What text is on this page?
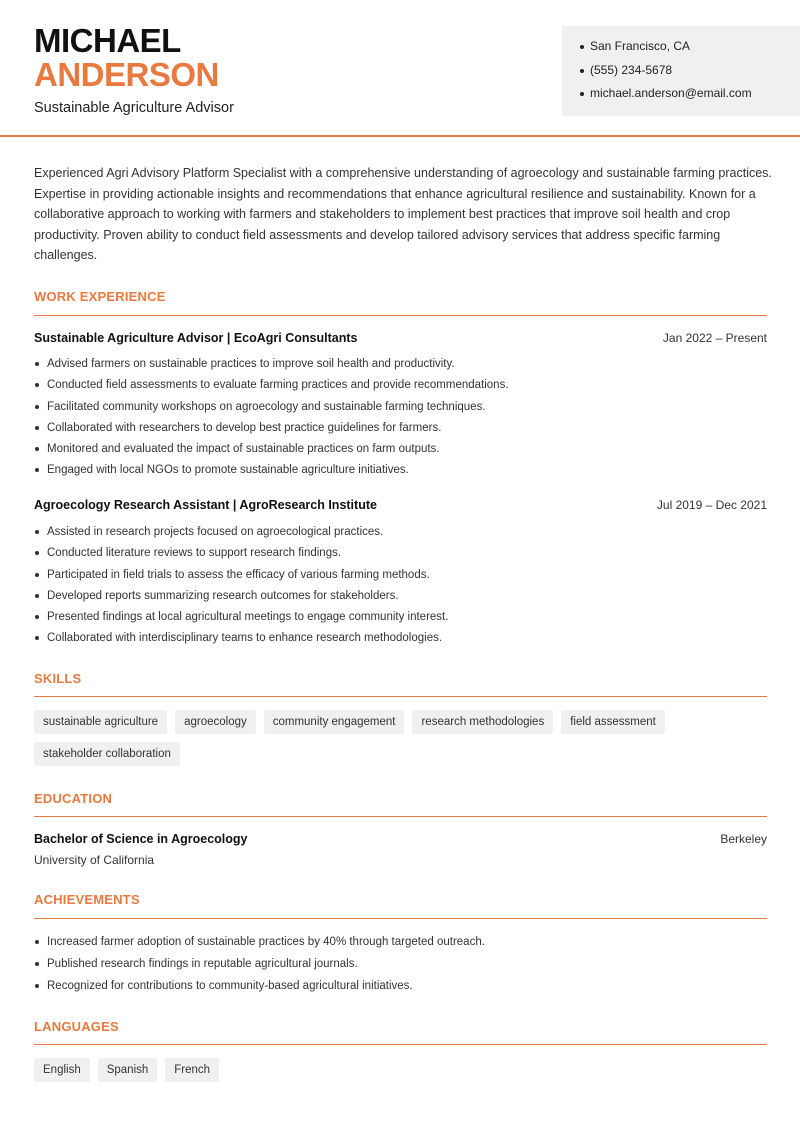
MICHAEL
ANDERSON
Sustainable Agriculture Advisor
San Francisco, CA
(555) 234-5678
michael.anderson@email.com
Experienced Agri Advisory Platform Specialist with a comprehensive understanding of agroecology and sustainable farming practices. Expertise in providing actionable insights and recommendations that enhance agricultural resilience and sustainability. Known for a collaborative approach to working with farmers and stakeholders to implement best practices that improve soil health and crop productivity. Proven ability to conduct field assessments and develop tailored advisory services that address specific farming challenges.
WORK EXPERIENCE
Sustainable Agriculture Advisor | EcoAgri Consultants	Jan 2022 – Present
Advised farmers on sustainable practices to improve soil health and productivity.
Conducted field assessments to evaluate farming practices and provide recommendations.
Facilitated community workshops on agroecology and sustainable farming techniques.
Collaborated with researchers to develop best practice guidelines for farmers.
Monitored and evaluated the impact of sustainable practices on farm outputs.
Engaged with local NGOs to promote sustainable agriculture initiatives.
Agroecology Research Assistant | AgroResearch Institute	Jul 2019 – Dec 2021
Assisted in research projects focused on agroecological practices.
Conducted literature reviews to support research findings.
Participated in field trials to assess the efficacy of various farming methods.
Developed reports summarizing research outcomes for stakeholders.
Presented findings at local agricultural meetings to engage community interest.
Collaborated with interdisciplinary teams to enhance research methodologies.
SKILLS
sustainable agriculture	agroecology	community engagement	research methodologies	field assessment
stakeholder collaboration
EDUCATION
Bachelor of Science in Agroecology	Berkeley
University of California
ACHIEVEMENTS
Increased farmer adoption of sustainable practices by 40% through targeted outreach.
Published research findings in reputable agricultural journals.
Recognized for contributions to community-based agricultural initiatives.
LANGUAGES
English	Spanish	French
